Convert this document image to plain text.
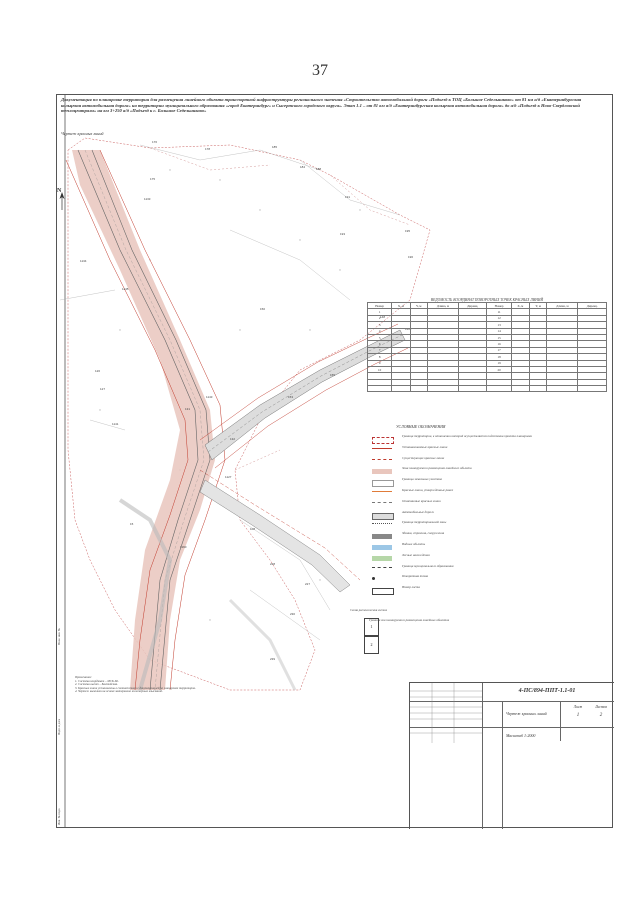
37
Документация по планировке территории для размещения линейного объекта транспортной инфраструктуры регионального значения «Строительство автомобильной дороги «Подъезд к ТОЦ «Большое Седельниково» от 81 км а/д «Екатеринбургская кольцевая автомобильная дорога» на территории муниципального образования «город Екатеринбург» и Сысертского городского округа». Этап 1.1 – от 81 км а/д «Екатеринбургская кольцевая автомобильная дорога» до а/д «Подъезд к Ново-Свердловской теплоцентрали» на км 3+250 а/д «Подъезд к с. Большое Седельниково»
Чертеж красных линий
176
178	185
184	188
191
195
196
175
1133
1145
126
127
131
132
153
155
148
1161
1127
108
228
227
230
239
1160
15
1141
1134
1143
150
193
N
ВЕДОМОСТЬ КООРДИНАТ ПОВОРОТНЫХ ТОЧЕК КРАСНЫХ ЛИНИЙ
Номер	X, м	Y, м	Длина, м	Дирекц.	Номер	X, м	Y, м	Длина, м	Дирекц.
1					11				
2					12				
3					13				
4					14				
5					15				
6					16				
7					17				
8					18				
9					19				
10					20				

УСЛОВНЫЕ ОБОЗНАЧЕНИЯ
Граница территории, в отношении которой осуществляется подготовка проекта планировки
Устанавливаемые красные линии
Существующие красные линии
Зона планируемого размещения линейного объекта
Границы земельных участков
Красные линии, утвержденные ранее
Отменяемые красные линии
Автомобильные дороги
Граница территориальной зоны
Здания, строения, сооружения
Водные объекты
Лесные насаждения
Граница муниципального образования
Поворотная точка
Номер листа
Схема расположения листов
1
2
Граница зон планируемого размещения линейных объектов
Примечания:
1. Система координат – МСК-66.
2. Система высот – Балтийская.
3. Красные линии установлены в соответствии с документацией по планировке территории.
4. Чертеж выполнен на основе материалов инженерных изысканий.	4-ПС/894-ППТ-1.1-01
Чертеж красных линий
Масштаб 1:2000
Лист	Листов
1	2
Инв. № подл.
Подп. и дата
Взам. инв. №
